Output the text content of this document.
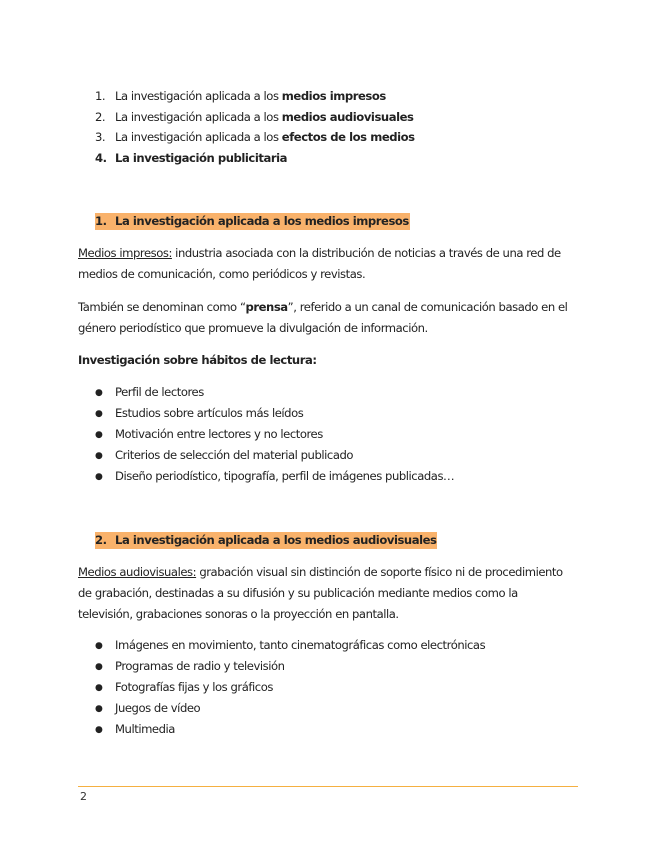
1. La investigación aplicada a los medios impresos
2. La investigación aplicada a los medios audiovisuales
3. La investigación aplicada a los efectos de los medios
4. La investigación publicitaria
1. La investigación aplicada a los medios impresos
Medios impresos: industria asociada con la distribución de noticias a través de una red de
medios de comunicación, como periódicos y revistas.
También se denominan como “prensa”, referido a un canal de comunicación basado en el
género periodístico que promueve la divulgación de información.
Investigación sobre hábitos de lectura:
● Perfil de lectores
● Estudios sobre artículos más leídos
● Motivación entre lectores y no lectores
● Criterios de selección del material publicado
● Diseño periodístico, tipografía, perfil de imágenes publicadas…
2. La investigación aplicada a los medios audiovisuales
Medios audiovisuales: grabación visual sin distinción de soporte físico ni de procedimiento
de grabación, destinadas a su difusión y su publicación mediante medios como la
televisión, grabaciones sonoras o la proyección en pantalla.
● Imágenes en movimiento, tanto cinematográficas como electrónicas
● Programas de radio y televisión
● Fotografías fijas y los gráficos
● Juegos de vídeo
● Multimedia
2
